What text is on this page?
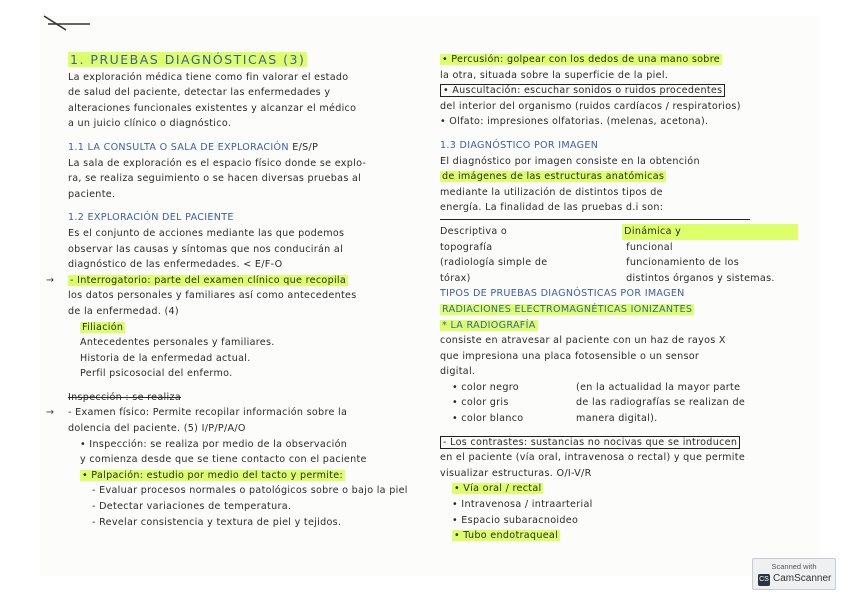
1. PRUEBAS DIAGNÓSTICAS (3)
La exploración médica tiene como fin valorar el estado
de salud del paciente, detectar las enfermedades y
alteraciones funcionales existentes y alcanzar el médico
a un juicio clínico o diagnóstico.
1.1 LA CONSULTA O SALA DE EXPLORACIÓN E/S/P
La sala de exploración es el espacio físico donde se explo-
ra, se realiza seguimiento o se hacen diversas pruebas al
paciente.
1.2 EXPLORACIÓN DEL PACIENTE
Es el conjunto de acciones mediante las que podemos
observar las causas y síntomas que nos conducirán al
diagnóstico de las enfermedades. < E/F-O
→ - Interrogatorio: parte del examen clínico que recopila
los datos personales y familiares así como antecedentes
de la enfermedad. (4)
Filiación
Antecedentes personales y familiares.
Historia de la enfermedad actual.
Perfil psicosocial del enfermo.
Inspección : se realiza
→ - Examen físico: Permite recopilar información sobre la
dolencia del paciente. (5) I/P/P/A/O
• Inspección: se realiza por medio de la observación
y comienza desde que se tiene contacto con el paciente
• Palpación: estudio por medio del tacto y permite:
- Evaluar procesos normales o patológicos sobre o bajo la piel
- Detectar variaciones de temperatura.
- Revelar consistencia y textura de piel y tejidos.
• Percusión: golpear con los dedos de una mano sobre
la otra, situada sobre la superficie de la piel.
• Auscultación: escuchar sonidos o ruidos procedentes
del interior del organismo (ruidos cardíacos / respiratorios)
• Olfato: impresiones olfatorias. (melenas, acetona).
1.3 DIAGNÓSTICO POR IMAGEN
El diagnóstico por imagen consiste en la obtención
de imágenes de las estructuras anatómicas
mediante la utilización de distintos tipos de
energía. La finalidad de las pruebas d.i son:
Descriptiva o	Dinámica y
topografía	funcional
(radiología simple de	funcionamiento de los
tórax)	distintos órganos y sistemas.
TIPOS DE PRUEBAS DIAGNÓSTICAS POR IMAGEN
RADIACIONES ELECTROMAGNÉTICAS IONIZANTES
* LA RADIOGRAFÍA
consiste en atravesar al paciente con un haz de rayos X
que impresiona una placa fotosensible o un sensor
digital.
• color negro	(en la actualidad la mayor parte
• color gris	de las radiografías se realizan de
• color blanco	manera digital).
- Los contrastes: sustancias no nocivas que se introducen
en el paciente (vía oral, intravenosa o rectal) y que permite
visualizar estructuras. O/I-V/R
• Vía oral / rectal
• Intravenosa / intraarterial
• Espacio subaracnoideo
• Tubo endotraqueal
Scanned with
CS CamScanner
